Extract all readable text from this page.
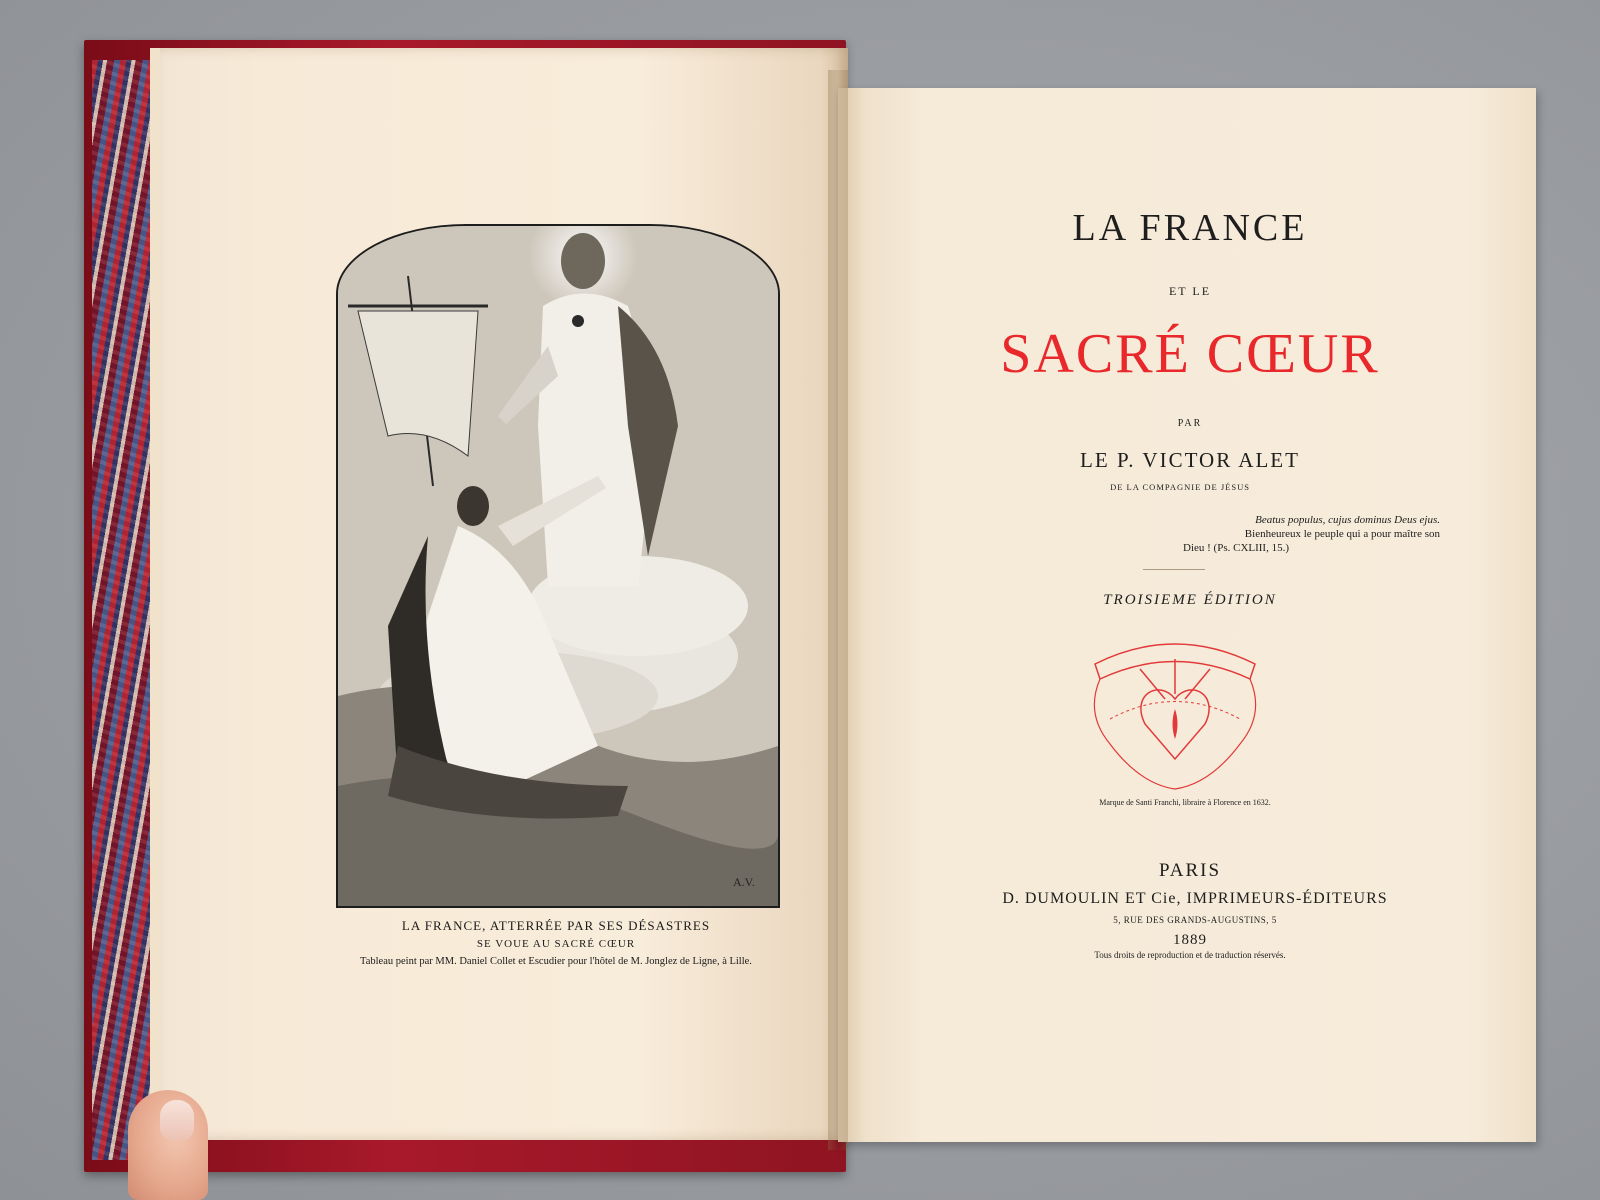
A.V.
LA FRANCE, ATTERRÉE PAR SES DÉSASTRES
SE VOUE AU SACRÉ CŒUR
Tableau peint par MM. Daniel Collet et Escudier pour l'hôtel de M. Jonglez de Ligne, à Lille.
LA FRANCE
ET LE
SACRÉ CŒUR
PAR
LE P. VICTOR ALET
DE LA COMPAGNIE DE JÉSUS
Beatus populus, cujus dominus Deus ejus.
Bienheureux le peuple qui a pour maître son
Dieu ! (Ps. CXLIII, 15.)
TROISIEME ÉDITION
Marque de Santi Franchi, libraire à Florence en 1632.
PARIS
D. DUMOULIN ET Cie, IMPRIMEURS-ÉDITEURS
5, RUE DES GRANDS-AUGUSTINS, 5
1889
Tous droits de reproduction et de traduction réservés.
